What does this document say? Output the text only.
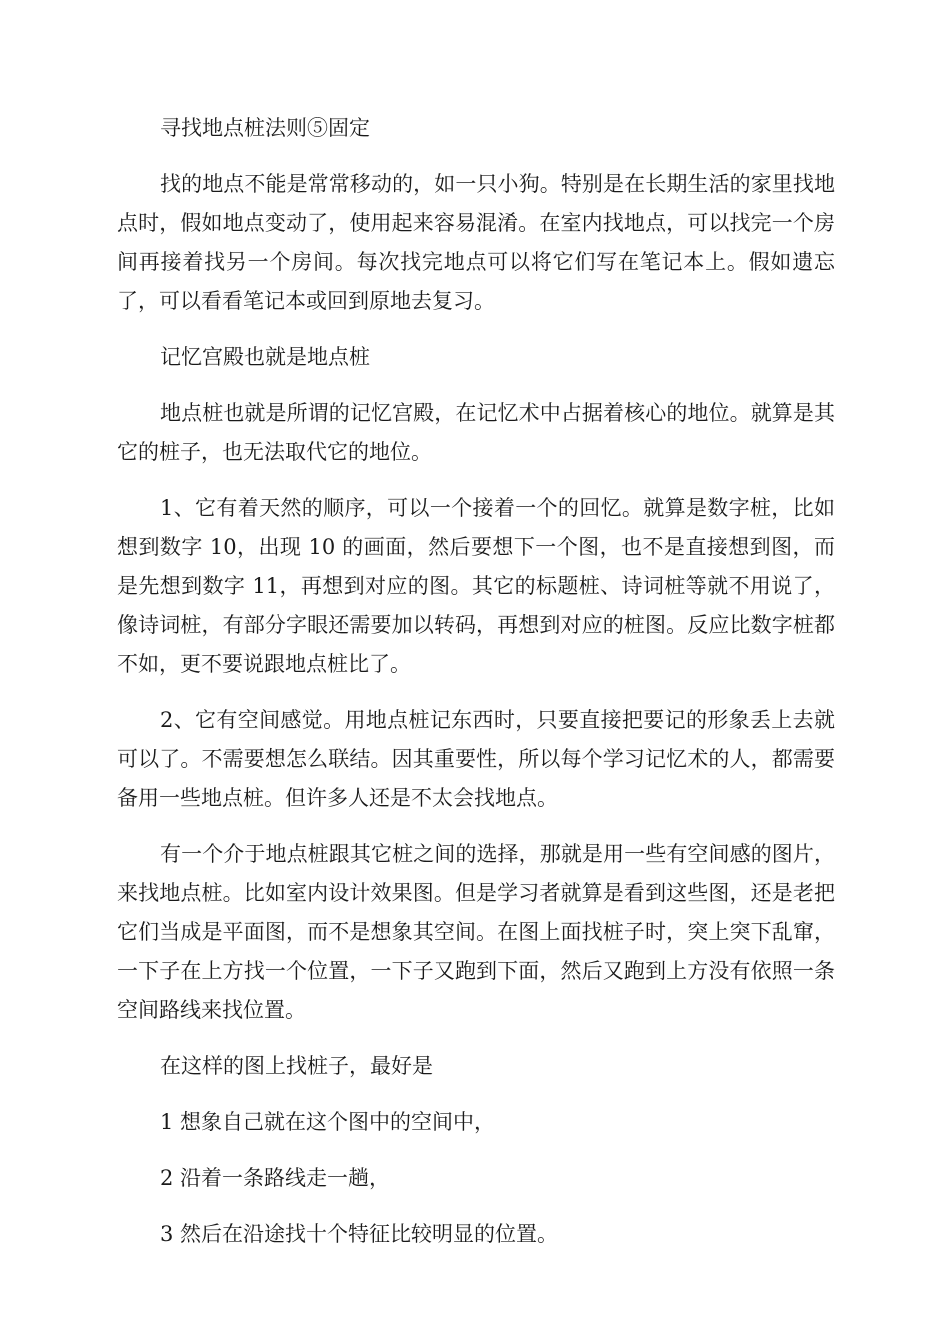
寻找地点桩法则⑤固定

找的地点不能是常常移动的，如一只小狗。特别是在长期生活的家里找地点时，假如地点变动了，使用起来容易混淆。在室内找地点，可以找完一个房间再接着找另一个房间。每次找完地点可以将它们写在笔记本上。假如遗忘了，可以看看笔记本或回到原地去复习。

记忆宫殿也就是地点桩

地点桩也就是所谓的记忆宫殿，在记忆术中占据着核心的地位。就算是其它的桩子，也无法取代它的地位。

1、它有着天然的顺序，可以一个接着一个的回忆。就算是数字桩，比如想到数字 10，出现 10 的画面，然后要想下一个图，也不是直接想到图，而是先想到数字 11，再想到对应的图。其它的标题桩、诗词桩等就不用说了，像诗词桩，有部分字眼还需要加以转码，再想到对应的桩图。反应比数字桩都不如，更不要说跟地点桩比了。

2、它有空间感觉。用地点桩记东西时，只要直接把要记的形象丢上去就可以了。不需要想怎么联结。因其重要性，所以每个学习记忆术的人，都需要备用一些地点桩。但许多人还是不太会找地点。

有一个介于地点桩跟其它桩之间的选择，那就是用一些有空间感的图片，来找地点桩。比如室内设计效果图。但是学习者就算是看到这些图，还是老把它们当成是平面图，而不是想象其空间。在图上面找桩子时，突上突下乱窜，一下子在上方找一个位置，一下子又跑到下面，然后又跑到上方没有依照一条空间路线来找位置。

在这样的图上找桩子，最好是

1 想象自己就在这个图中的空间中，

2 沿着一条路线走一趟，

3 然后在沿途找十个特征比较明显的位置。
